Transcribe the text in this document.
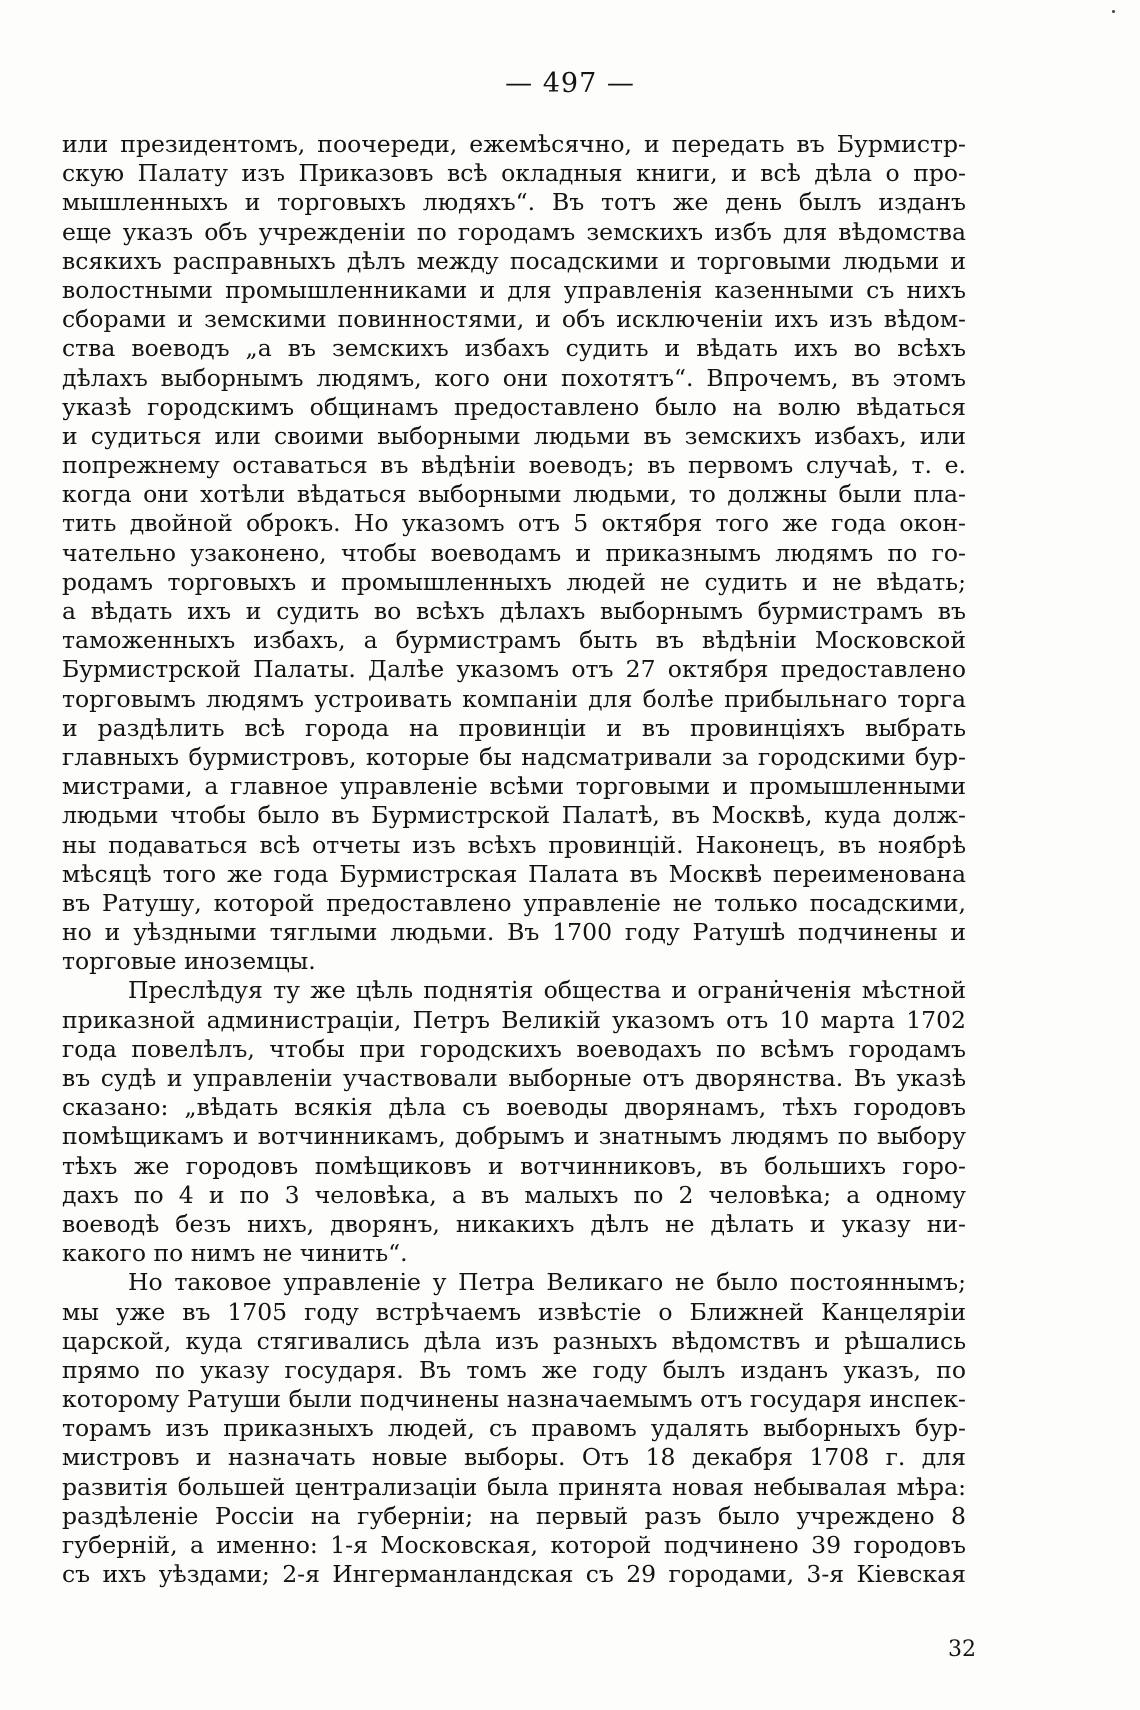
— 497 —
или президентомъ, поочереди, ежемѣсячно, и передать въ Бурмистр-
скую Палату изъ Приказовъ всѣ окладныя книги, и всѣ дѣла о про-
мышленныхъ и торговыхъ людяхъ“. Въ тотъ же день былъ изданъ
еще указъ объ учрежденіи по городамъ земскихъ избъ для вѣдомства
всякихъ расправныхъ дѣлъ между посадскими и торговыми людьми и
волостными промышленниками и для управленія казенными съ нихъ
сборами и земскими повинностями, и объ исключеніи ихъ изъ вѣдом-
ства воеводъ „а въ земскихъ избахъ судить и вѣдать ихъ во всѣхъ
дѣлахъ выборнымъ людямъ, кого они похотятъ“. Впрочемъ, въ этомъ
указѣ городскимъ общинамъ предоставлено было на волю вѣдаться
и судиться или своими выборными людьми въ земскихъ избахъ, или
попрежнему оставаться въ вѣдѣніи воеводъ; въ первомъ случаѣ, т. е.
когда они хотѣли вѣдаться выборными людьми, то должны были пла-
тить двойной оброкъ. Но указомъ отъ 5 октября того же года окон-
чательно узаконено, чтобы воеводамъ и приказнымъ людямъ по го-
родамъ торговыхъ и промышленныхъ людей не судить и не вѣдать;
а вѣдать ихъ и судить во всѣхъ дѣлахъ выборнымъ бурмистрамъ въ
таможенныхъ избахъ, а бурмистрамъ быть въ вѣдѣніи Московской
Бурмистрской Палаты. Далѣе указомъ отъ 27 октября предоставлено
торговымъ людямъ устроивать компаніи для болѣе прибыльнаго торга
и раздѣлить всѣ города на провинціи и въ провинціяхъ выбрать
главныхъ бурмистровъ, которые бы надсматривали за городскими бур-
мистрами, а главное управленіе всѣми торговыми и промышленными
людьми чтобы было въ Бурмистрской Палатѣ, въ Москвѣ, куда долж-
ны подаваться всѣ отчеты изъ всѣхъ провинцій. Наконецъ, въ ноябрѣ
мѣсяцѣ того же года Бурмистрская Палата въ Москвѣ переименована
въ Ратушу, которой предоставлено управленіе не только посадскими,
но и уѣздными тяглыми людьми. Въ 1700 году Ратушѣ подчинены и
торговые иноземцы.
Преслѣдуя ту же цѣль поднятія общества и ограни̇ченія мѣстной
приказной администраціи, Петръ Великій указомъ отъ 10 марта 1702
года повелѣлъ, чтобы при городскихъ воеводахъ по всѣмъ городамъ
въ судѣ и управленіи участвовали выборные отъ дворянства. Въ указѣ
сказано: „вѣдать всякія дѣла съ воеводы дворянамъ, тѣхъ городовъ
помѣщикамъ и вотчинникамъ, добрымъ и знатнымъ людямъ по выбору
тѣхъ же городовъ помѣщиковъ и вотчинниковъ, въ большихъ горо-
дахъ по 4 и по 3 человѣка, а въ малыхъ по 2 человѣка; а одному
воеводѣ безъ нихъ, дворянъ, никакихъ дѣлъ не дѣлать и указу ни-
какого по нимъ не чинить“.
Но таковое управленіе у Петра Великаго не было постояннымъ;
мы уже въ 1705 году встрѣчаемъ извѣстіе о Ближней Канцеляріи
царской, куда стягивались дѣла изъ разныхъ вѣдомствъ и рѣшались
прямо по указу государя. Въ томъ же году былъ изданъ указъ, по
которому Ратуши были подчинены назначаемымъ отъ государя инспек-
торамъ изъ приказныхъ людей, съ правомъ удалять выборныхъ бур-
мистровъ и назначать новые выборы. Отъ 18 декабря 1708 г. для
развитія большей централизаціи была принята новая небывалая мѣра:
раздѣленіе Россіи на губерніи; на первый разъ было учреждено 8
губерній, а именно: 1-я Московская, которой подчинено 39 городовъ
съ ихъ уѣздами; 2-я Ингерманландская съ 29 городами, 3-я Кіевская
32
